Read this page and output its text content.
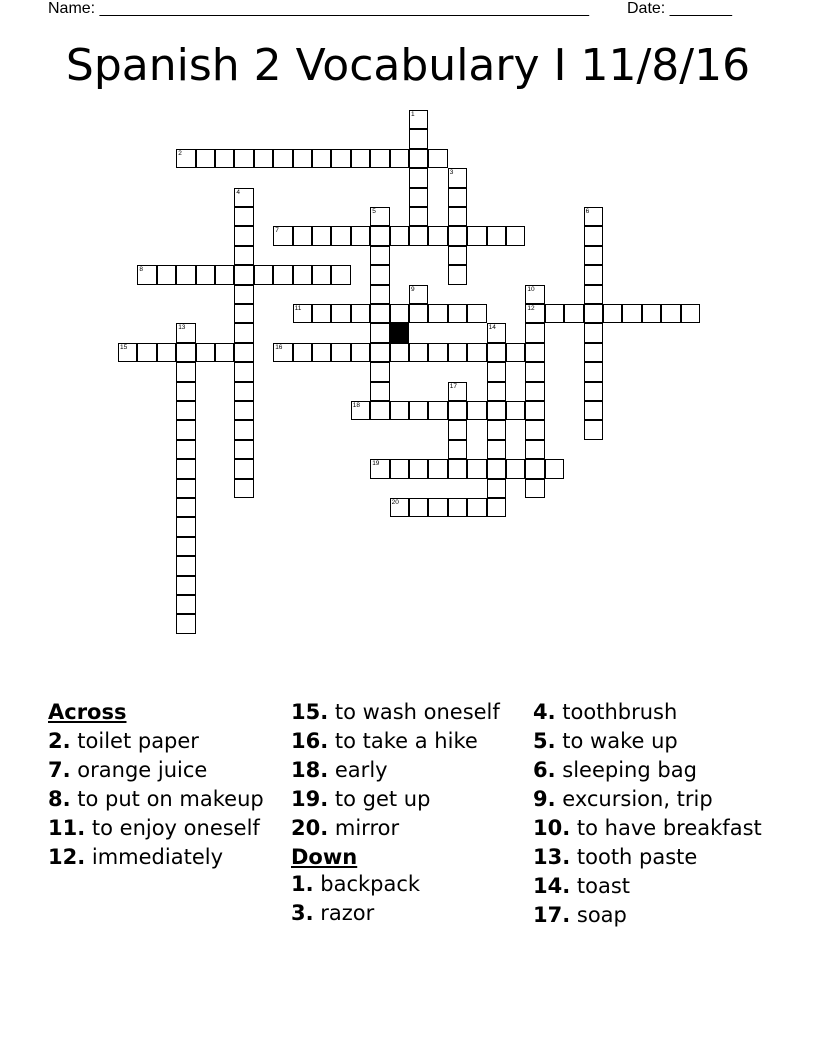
Name: _______________________________________________________ Date: _______
Spanish 2 Vocabulary I 11/8/16
1
2
3
4
5	6
7
8
9	10
11	12
13	14
15	16
17
18
19
20
Across
2. toilet paper
7. orange juice
8. to put on makeup
11. to enjoy oneself
12. immediately
15. to wash oneself
16. to take a hike
18. early
19. to get up
20. mirror
Down
1. backpack
3. razor
4. toothbrush
5. to wake up
6. sleeping bag
9. excursion, trip
10. to have breakfast
13. tooth paste
14. toast
17. soap
